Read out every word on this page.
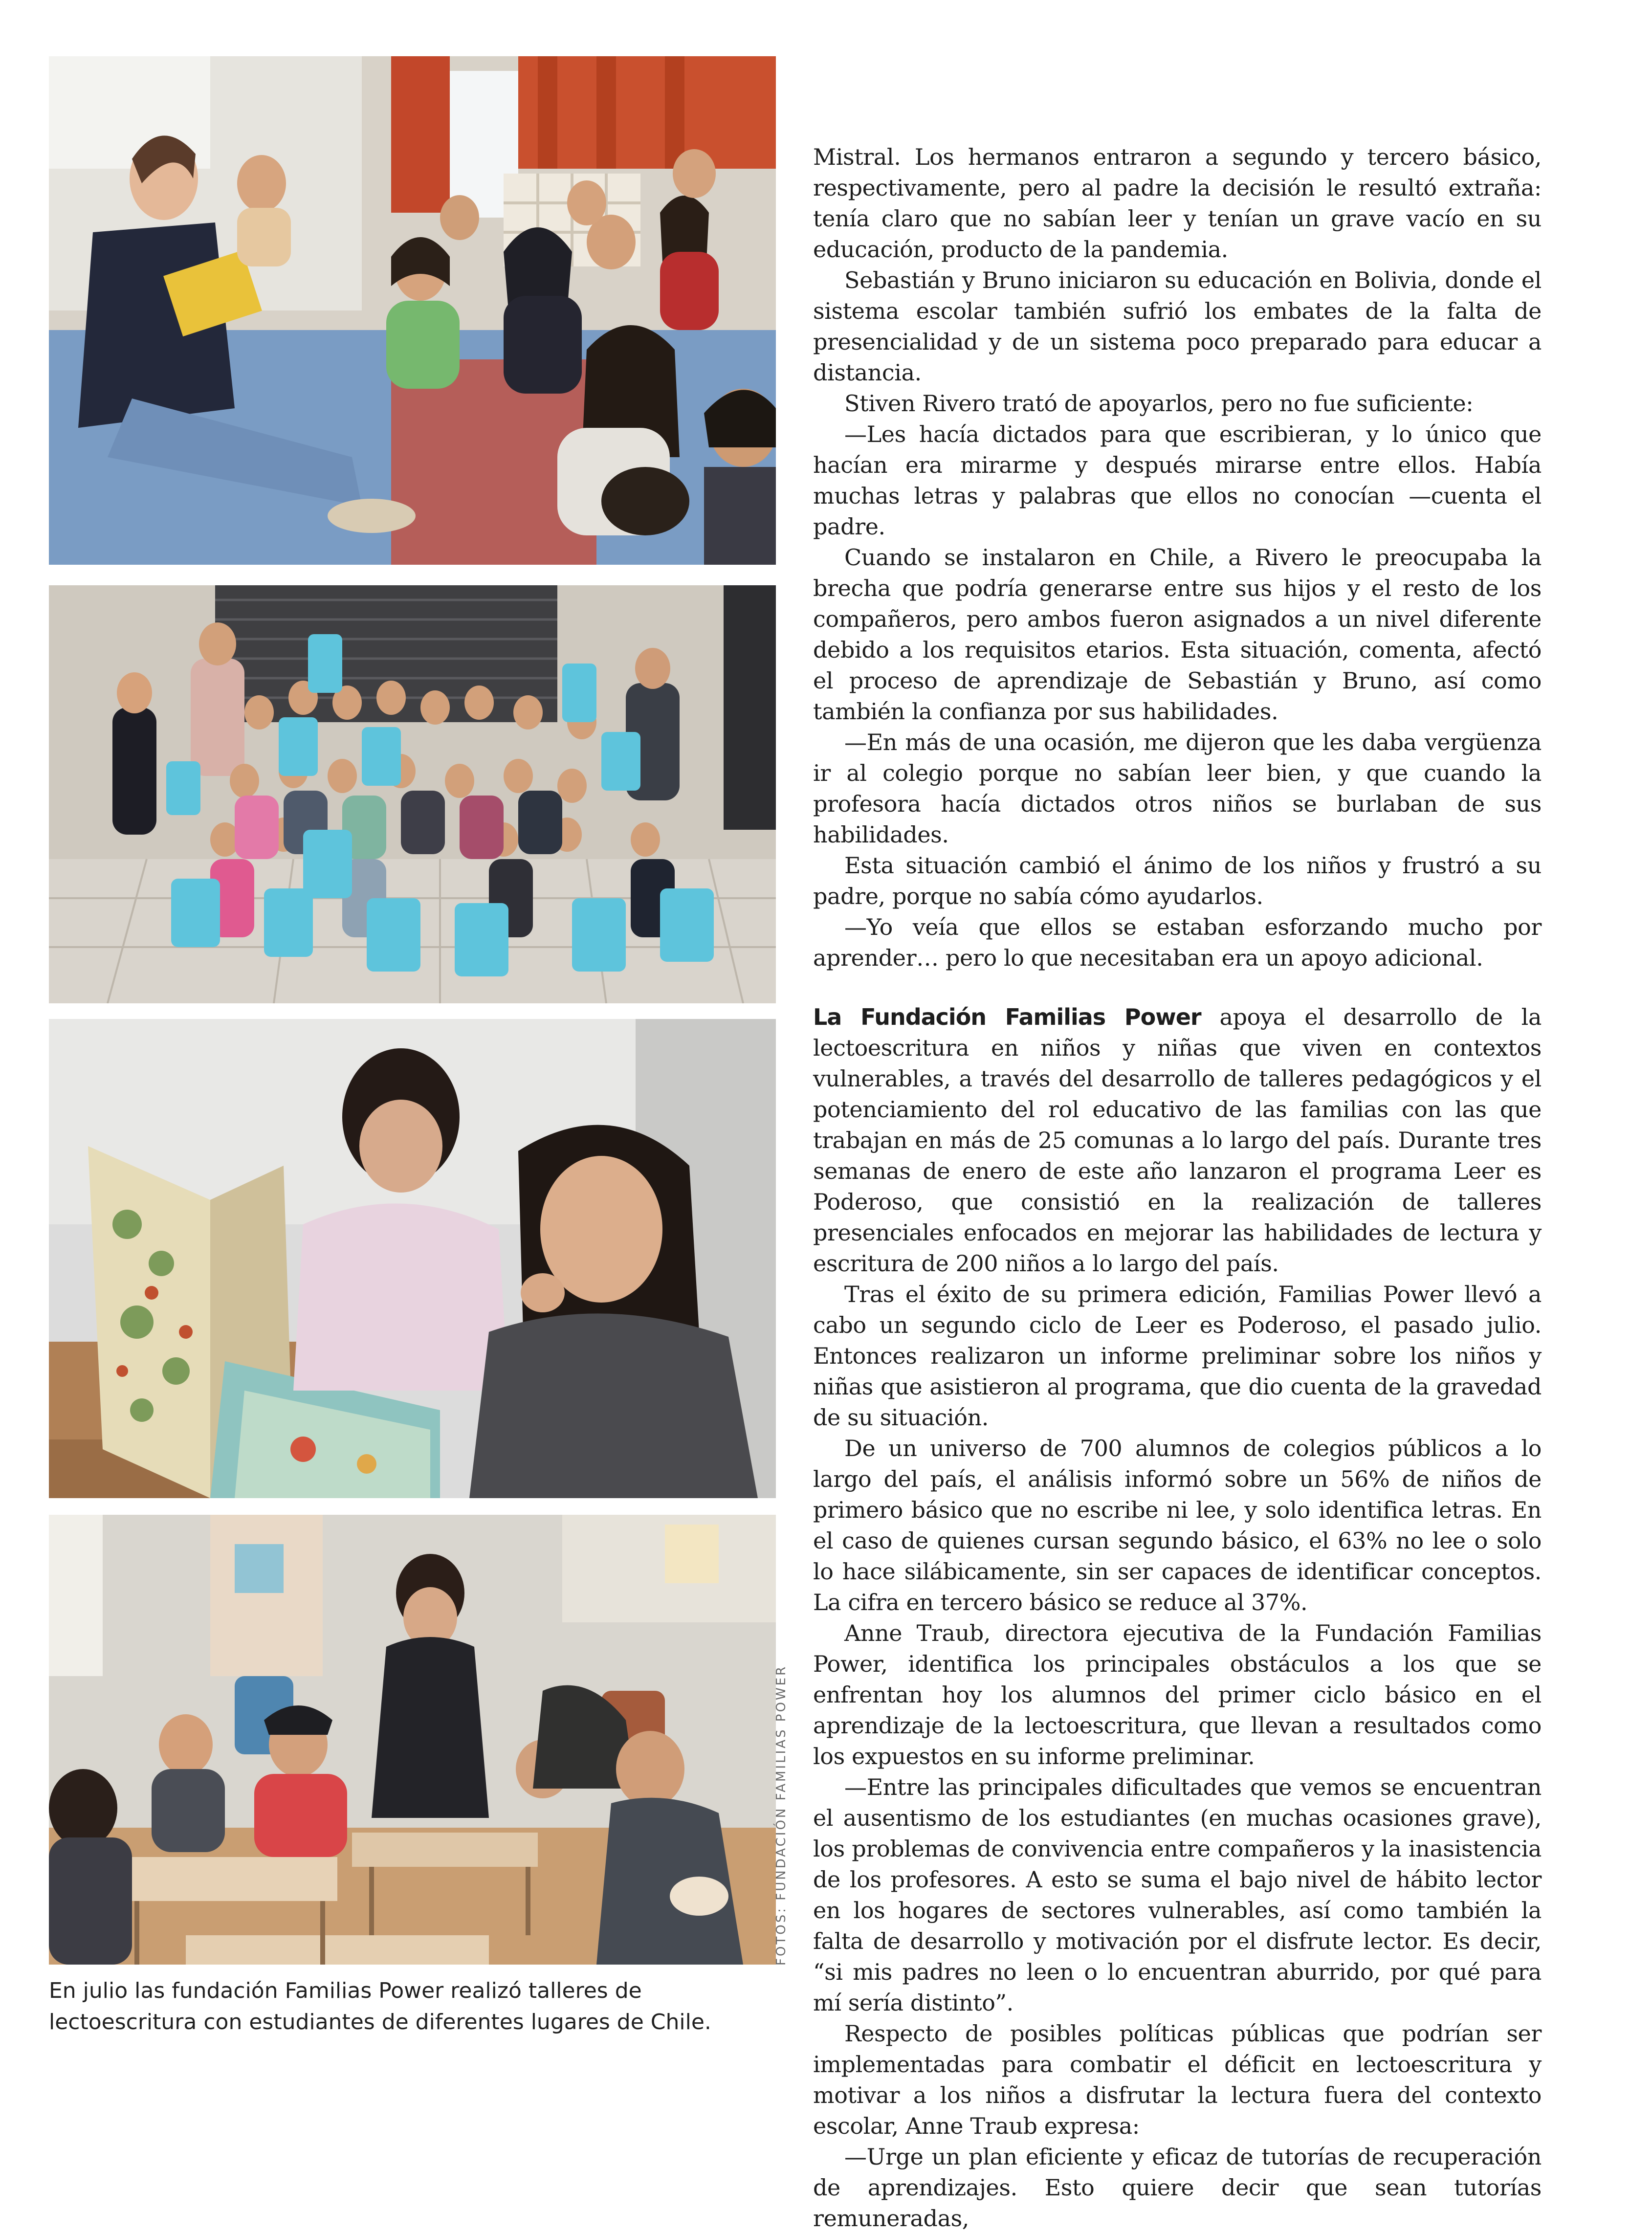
FOTOS: FUNDACIÓN FAMILIAS POWER
En julio las fundación Familias Power realizó talleres de lectoescritura con estudiantes de diferentes lugares de Chile.

Mistral. Los hermanos entraron a segundo y tercero básico, respectivamente, pero al padre la decisión le resultó extraña: tenía claro que no sabían leer y tenían un grave vacío en su educación, producto de la pandemia.

Sebastián y Bruno iniciaron su educación en Bolivia, donde el sistema escolar también sufrió los embates de la falta de presencialidad y de un sistema poco preparado para educar a distancia.

Stiven Rivero trató de apoyarlos, pero no fue suficiente:

—Les hacía dictados para que escribieran, y lo único que hacían era mirarme y después mirarse entre ellos. Había muchas letras y palabras que ellos no conocían —cuenta el padre.

Cuando se instalaron en Chile, a Rivero le preocupaba la brecha que podría generarse entre sus hijos y el resto de los compañeros, pero ambos fueron asignados a un nivel diferente debido a los requisitos etarios. Esta situación, comenta, afectó el proceso de aprendizaje de Sebastián y Bruno, así como también la confianza por sus habilidades.

—En más de una ocasión, me dijeron que les daba vergüenza ir al colegio porque no sabían leer bien, y que cuando la profesora hacía dictados otros niños se burlaban de sus habilidades.

Esta situación cambió el ánimo de los niños y frustró a su padre, porque no sabía cómo ayudarlos.

—Yo veía que ellos se estaban esforzando mucho por aprender… pero lo que necesitaban era un apoyo adicional.

La Fundación Familias Power apoya el desarrollo de la lectoescritura en niños y niñas que viven en contextos vulnerables, a través del desarrollo de talleres pedagógicos y el potenciamiento del rol educativo de las familias con las que trabajan en más de 25 comunas a lo largo del país. Durante tres semanas de enero de este año lanzaron el programa Leer es Poderoso, que consistió en la realización de talleres presenciales enfocados en mejorar las habilidades de lectura y escritura de 200 niños a lo largo del país.

Tras el éxito de su primera edición, Familias Power llevó a cabo un segundo ciclo de Leer es Poderoso, el pasado julio. Entonces realizaron un informe preliminar sobre los niños y niñas que asistieron al programa, que dio cuenta de la gravedad de su situación.

De un universo de 700 alumnos de colegios públicos a lo largo del país, el análisis informó sobre un 56% de niños de primero básico que no escribe ni lee, y solo identifica letras. En el caso de quienes cursan segundo básico, el 63% no lee o solo lo hace silábicamente, sin ser capaces de identificar conceptos. La cifra en tercero básico se reduce al 37%.

Anne Traub, directora ejecutiva de la Fundación Familias Power, identifica los principales obstáculos a los que se enfrentan hoy los alumnos del primer ciclo básico en el aprendizaje de la lectoescritura, que llevan a resultados como los expuestos en su informe preliminar.

—Entre las principales dificultades que vemos se encuentran el ausentismo de los estudiantes (en muchas ocasiones grave), los problemas de convivencia entre compañeros y la inasistencia de los profesores. A esto se suma el bajo nivel de hábito lector en los hogares de sectores vulnerables, así como también la falta de desarrollo y motivación por el disfrute lector. Es decir, “si mis padres no leen o lo encuentran aburrido, por qué para mí sería distinto”.

Respecto de posibles políticas públicas que podrían ser implementadas para combatir el déficit en lectoescritura y motivar a los niños a disfrutar la lectura fuera del contexto escolar, Anne Traub expresa:

—Urge un plan eficiente y eficaz de tutorías de recuperación de aprendizajes. Esto quiere decir que sean tutorías remuneradas,
